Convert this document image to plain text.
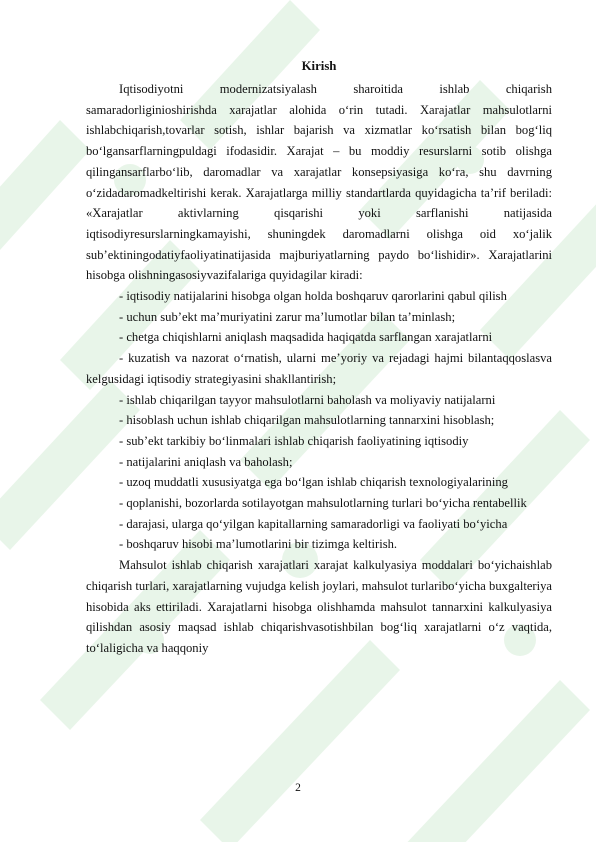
Kirish

Iqtisodiyotni modernizatsiyalash sharoitida ishlab chiqarish samaradorliginioshirishda xarajatlar alohida o‘rin tutadi. Xarajatlar mahsulotlarni ishlabchiqarish,tovarlar sotish, ishlar bajarish va xizmatlar ko‘rsatish bilan bog‘liq bo‘lgansarflarningpuldagi ifodasidir. Xarajat – bu moddiy resurslarni sotib olishga qilingansarflarbo‘lib, daromadlar va xarajatlar konsepsiyasiga ko‘ra, shu davrning o‘zidadaromadkeltirishi kerak. Xarajatlarga milliy standartlarda quyidagicha ta’rif beriladi: «Xarajatlar aktivlarning qisqarishi yoki sarflanishi natijasida iqtisodiyresurslarningkamayishi, shuningdek daromadlarni olishga oid xo‘jalik sub’ektiningodatiyfaoliyatinatijasida majburiyatlarning paydo bo‘lishidir». Xarajatlarini hisobga olishningasosiyvazifalariga quyidagilar kiradi:

- iqtisodiy natijalarini hisobga olgan holda boshqaruv qarorlarini qabul qilish

- uchun sub’ekt ma’muriyatini zarur ma’lumotlar bilan ta’minlash;

- chetga chiqishlarni aniqlash maqsadida haqiqatda sarflangan xarajatlarni

- kuzatish va nazorat o‘rnatish, ularni me’yoriy va rejadagi hajmi bilantaqqoslasva kelgusidagi iqtisodiy strategiyasini shakllantirish;

- ishlab chiqarilgan tayyor mahsulotlarni baholash va moliyaviy natijalarni

- hisoblash uchun ishlab chiqarilgan mahsulotlarning tannarxini hisoblash;

- sub’ekt tarkibiy bo‘linmalari ishlab chiqarish faoliyatining iqtisodiy

- natijalarini aniqlash va baholash;

- uzoq muddatli xususiyatga ega bo‘lgan ishlab chiqarish texnologiyalarining

- qoplanishi, bozorlarda sotilayotgan mahsulotlarning turlari bo‘yicha rentabellik

- darajasi, ularga qo‘yilgan kapitallarning samaradorligi va faoliyati bo‘yicha

- boshqaruv hisobi ma’lumotlarini bir tizimga keltirish.

Mahsulot ishlab chiqarish xarajatlari xarajat kalkulyasiya moddalari bo‘yichaishlab chiqarish turlari, xarajatlarning vujudga kelish joylari, mahsulot turlaribo‘yicha buxgalteriya hisobida aks ettiriladi. Xarajatlarni hisobga olishhamda mahsulot tannarxini kalkulyasiya qilishdan asosiy maqsad ishlab chiqarishvasotishbilan bog‘liq xarajatlarni o‘z vaqtida, to‘laligicha va haqqoniy

2
